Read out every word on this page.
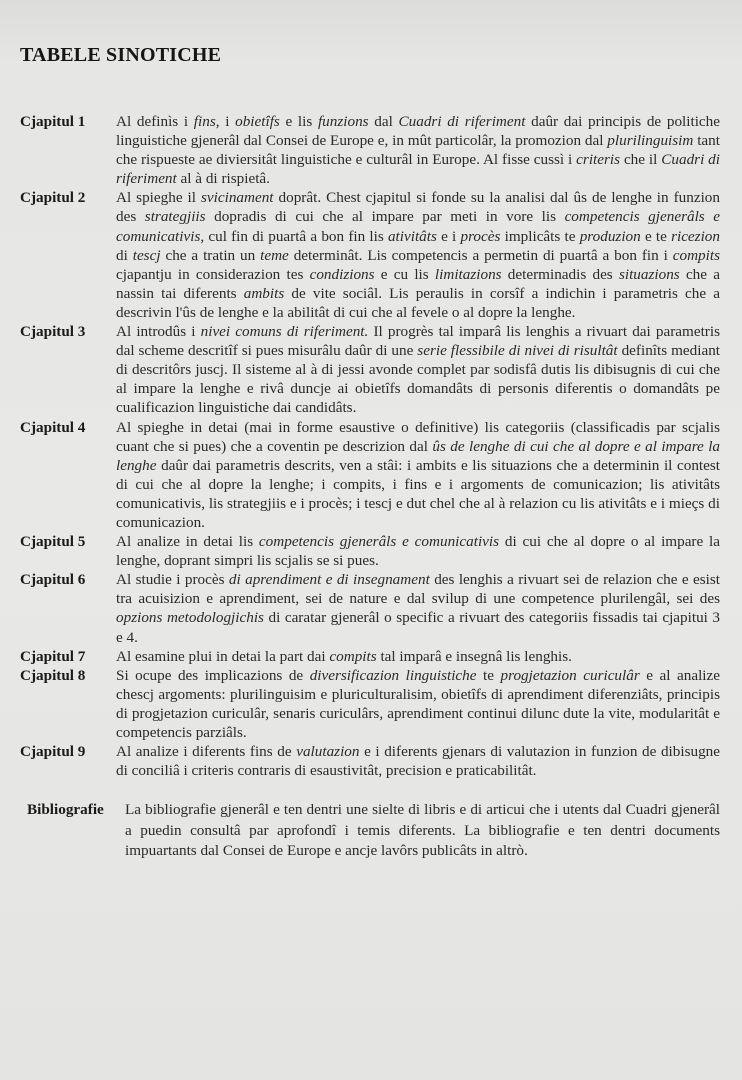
TABELE SINOTICHE
Cjapitul 1	Al definìs i fins, i obietîfs e lis funzions dal Cuadri di riferiment daûr dai principis de politiche linguistiche gjenerâl dal Consei de Europe e, in mût particolâr, la promozion dal plurilinguisim tant che rispueste ae diviersitât linguistiche e culturâl in Europe. Al fisse cussì i criteris che il Cuadri di riferiment al à di rispietâ.
Cjapitul 2	Al spieghe il svicinament doprât. Chest cjapitul si fonde su la analisi dal ûs de lenghe in funzion des strategjiis dopradis di cui che al impare par meti in vore lis competencis gjenerâls e comunicativis, cul fin di puartâ a bon fin lis ativitâts e i procès implicâts te produzion e te ricezion di tescj che a tratin un teme determinât. Lis competencis a permetin di puartâ a bon fin i compits cjapantju in considerazion tes condizions e cu lis limitazions determinadis des situazions che a nassin tai diferents ambits de vite sociâl. Lis peraulis in corsîf a indichin i parametris che a descrivin l'ûs de lenghe e la abilitât di cui che al fevele o al dopre la lenghe.
Cjapitul 3	Al introdûs i nivei comuns di riferiment. Il progrès tal imparâ lis lenghis a rivuart dai parametris dal scheme descritîf si pues misurâlu daûr di une serie flessibile di nivei di risultât definîts mediant di descritôrs juscj. Il sisteme al à di jessi avonde complet par sodisfâ dutis lis dibisugnis di cui che al impare la lenghe e rivâ duncje ai obietîfs domandâts di personis diferentis o domandâts pe cualificazion linguistiche dai candidâts.
Cjapitul 4	Al spieghe in detai (mai in forme esaustive o definitive) lis categoriis (classificadis par scjalis cuant che si pues) che a coventin pe descrizion dal ûs de lenghe di cui che al dopre e al impare la lenghe daûr dai parametris descrits, ven a stâi: i ambits e lis situazions che a determinin il contest di cui che al dopre la lenghe; i compits, i fins e i argoments de comunicazion; lis ativitâts comunicativis, lis strategjiis e i procès; i tescj e dut chel che al à relazion cu lis ativitâts e i mieçs di comunicazion.
Cjapitul 5	Al analize in detai lis competencis gjenerâls e comunicativis di cui che al dopre o al impare la lenghe, doprant simpri lis scjalis se si pues.
Cjapitul 6	Al studie i procès di aprendiment e di insegnament des lenghis a rivuart sei de relazion che e esist tra acuisizion e aprendiment, sei de nature e dal svilup di une competence plurilengâl, sei des opzions metodologjichis di caratar gjenerâl o specific a rivuart des categoriis fissadis tai cjapitui 3 e 4.
Cjapitul 7	Al esamine plui in detai la part dai compits tal imparâ e insegnâ lis lenghis.
Cjapitul 8	Si ocupe des implicazions de diversificazion linguistiche te progjetazion curiculâr e al analize chescj argoments: plurilinguisim e pluriculturalisim, obietîfs di aprendiment diferenziâts, principis di progjetazion curiculâr, senaris curiculârs, aprendiment continui dilunc dute la vite, modularitât e competencis parziâls.
Cjapitul 9	Al analize i diferents fins de valutazion e i diferents gjenars di valutazion in funzion de dibisugne di conciliâ i criteris contraris di esaustivitât, precision e praticabilitât.
Bibliografie	La bibliografie gjenerâl e ten dentri une sielte di libris e di articui che i utents dal Cuadri gjenerâl a puedin consultâ par aprofondî i temis diferents. La bibliografie e ten dentri documents impuartants dal Consei de Europe e ancje lavôrs publicâts in altrò.
